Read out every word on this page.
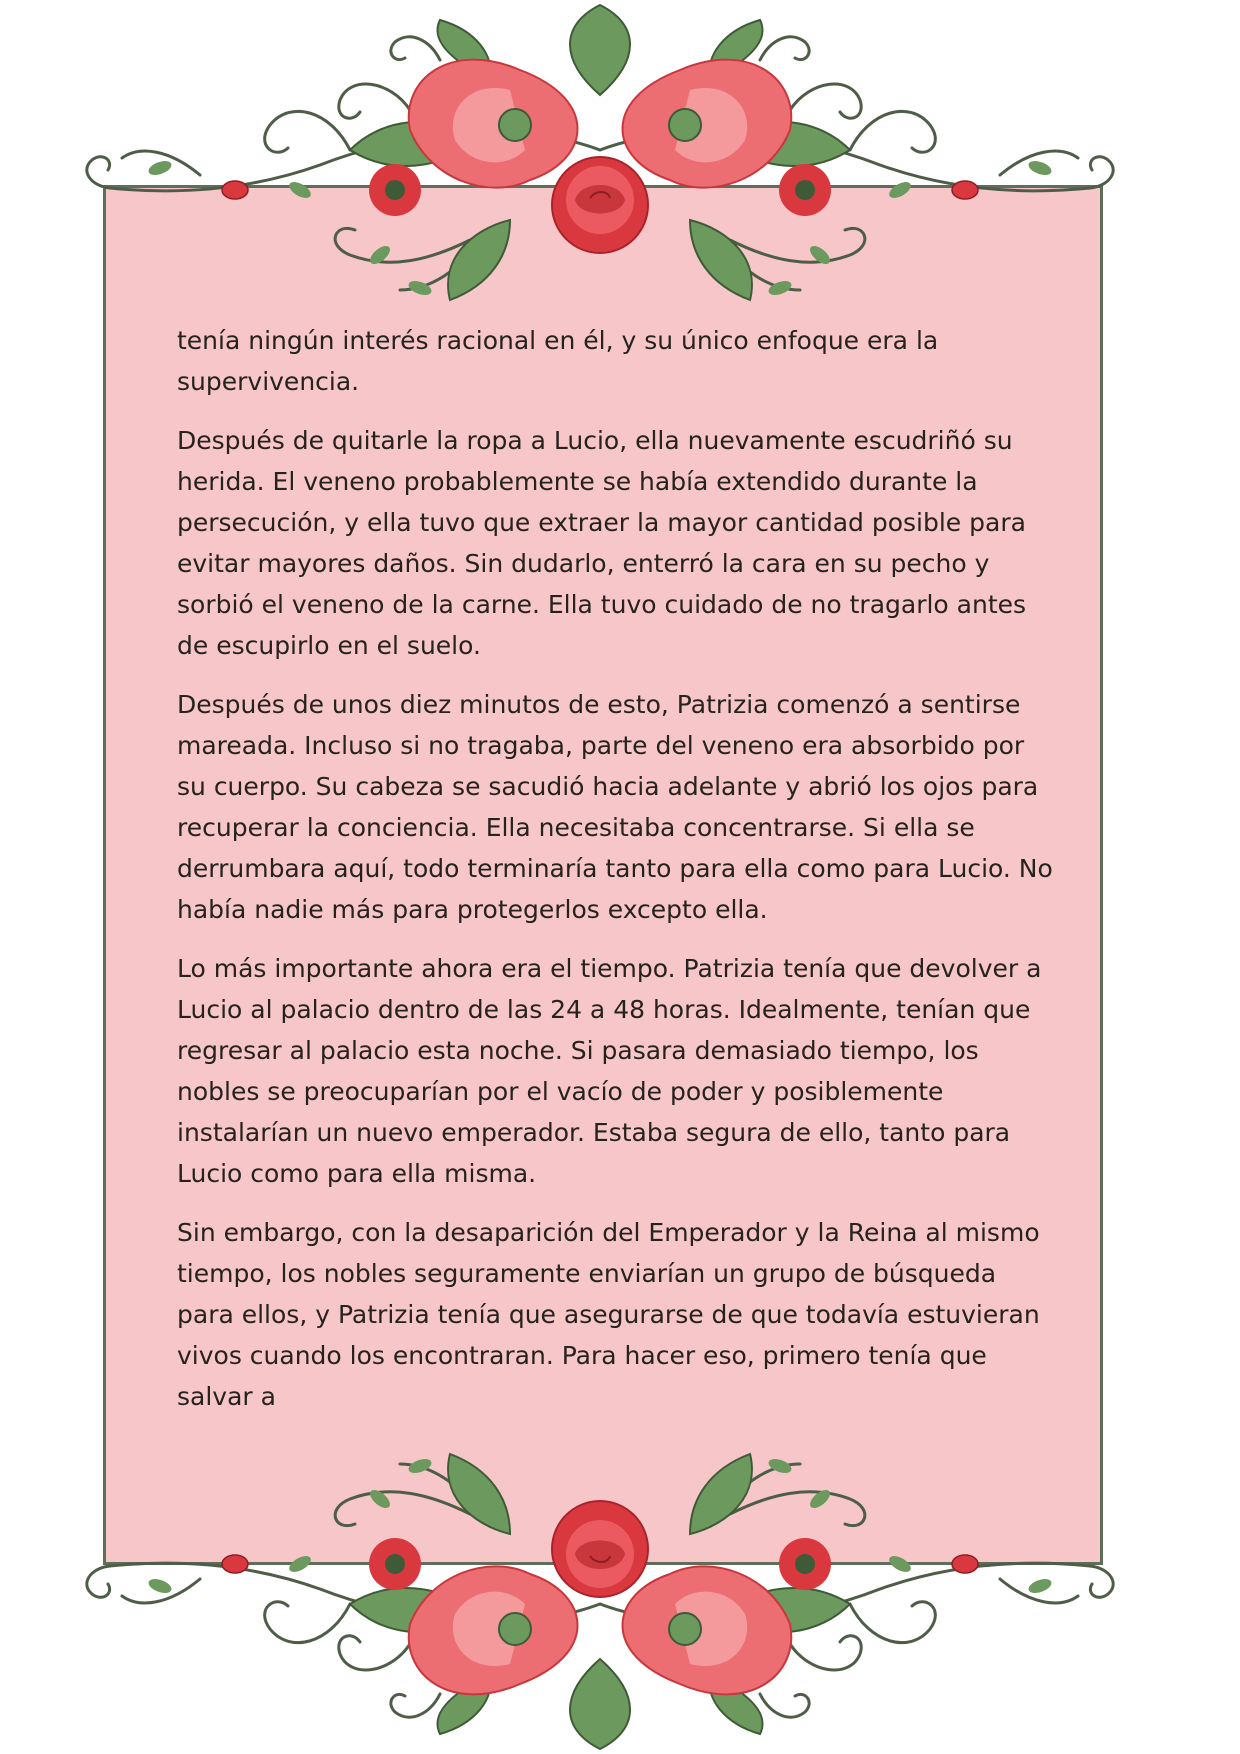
tenía ningún interés racional en él, y su único enfoque era la supervivencia.

Después de quitarle la ropa a Lucio, ella nuevamente escudriñó su herida. El veneno probablemente se había extendido durante la persecución, y ella tuvo que extraer la mayor cantidad posible para evitar mayores daños. Sin dudarlo, enterró la cara en su pecho y sorbió el veneno de la carne. Ella tuvo cuidado de no tragarlo antes de escupirlo en el suelo.

Después de unos diez minutos de esto, Patrizia comenzó a sentirse mareada. Incluso si no tragaba, parte del veneno era absorbido por su cuerpo. Su cabeza se sacudió hacia adelante y abrió los ojos para recuperar la conciencia. Ella necesitaba concentrarse. Si ella se derrumbara aquí, todo terminaría tanto para ella como para Lucio. No había nadie más para protegerlos excepto ella.

Lo más importante ahora era el tiempo. Patrizia tenía que devolver a Lucio al palacio dentro de las 24 a 48 horas. Idealmente, tenían que regresar al palacio esta noche. Si pasara demasiado tiempo, los nobles se preocuparían por el vacío de poder y posiblemente instalarían un nuevo emperador. Estaba segura de ello, tanto para Lucio como para ella misma.

Sin embargo, con la desaparición del Emperador y la Reina al mismo tiempo, los nobles seguramente enviarían un grupo de búsqueda para ellos, y Patrizia tenía que asegurarse de que todavía estuvieran vivos cuando los encontraran. Para hacer eso, primero tenía que salvar a
